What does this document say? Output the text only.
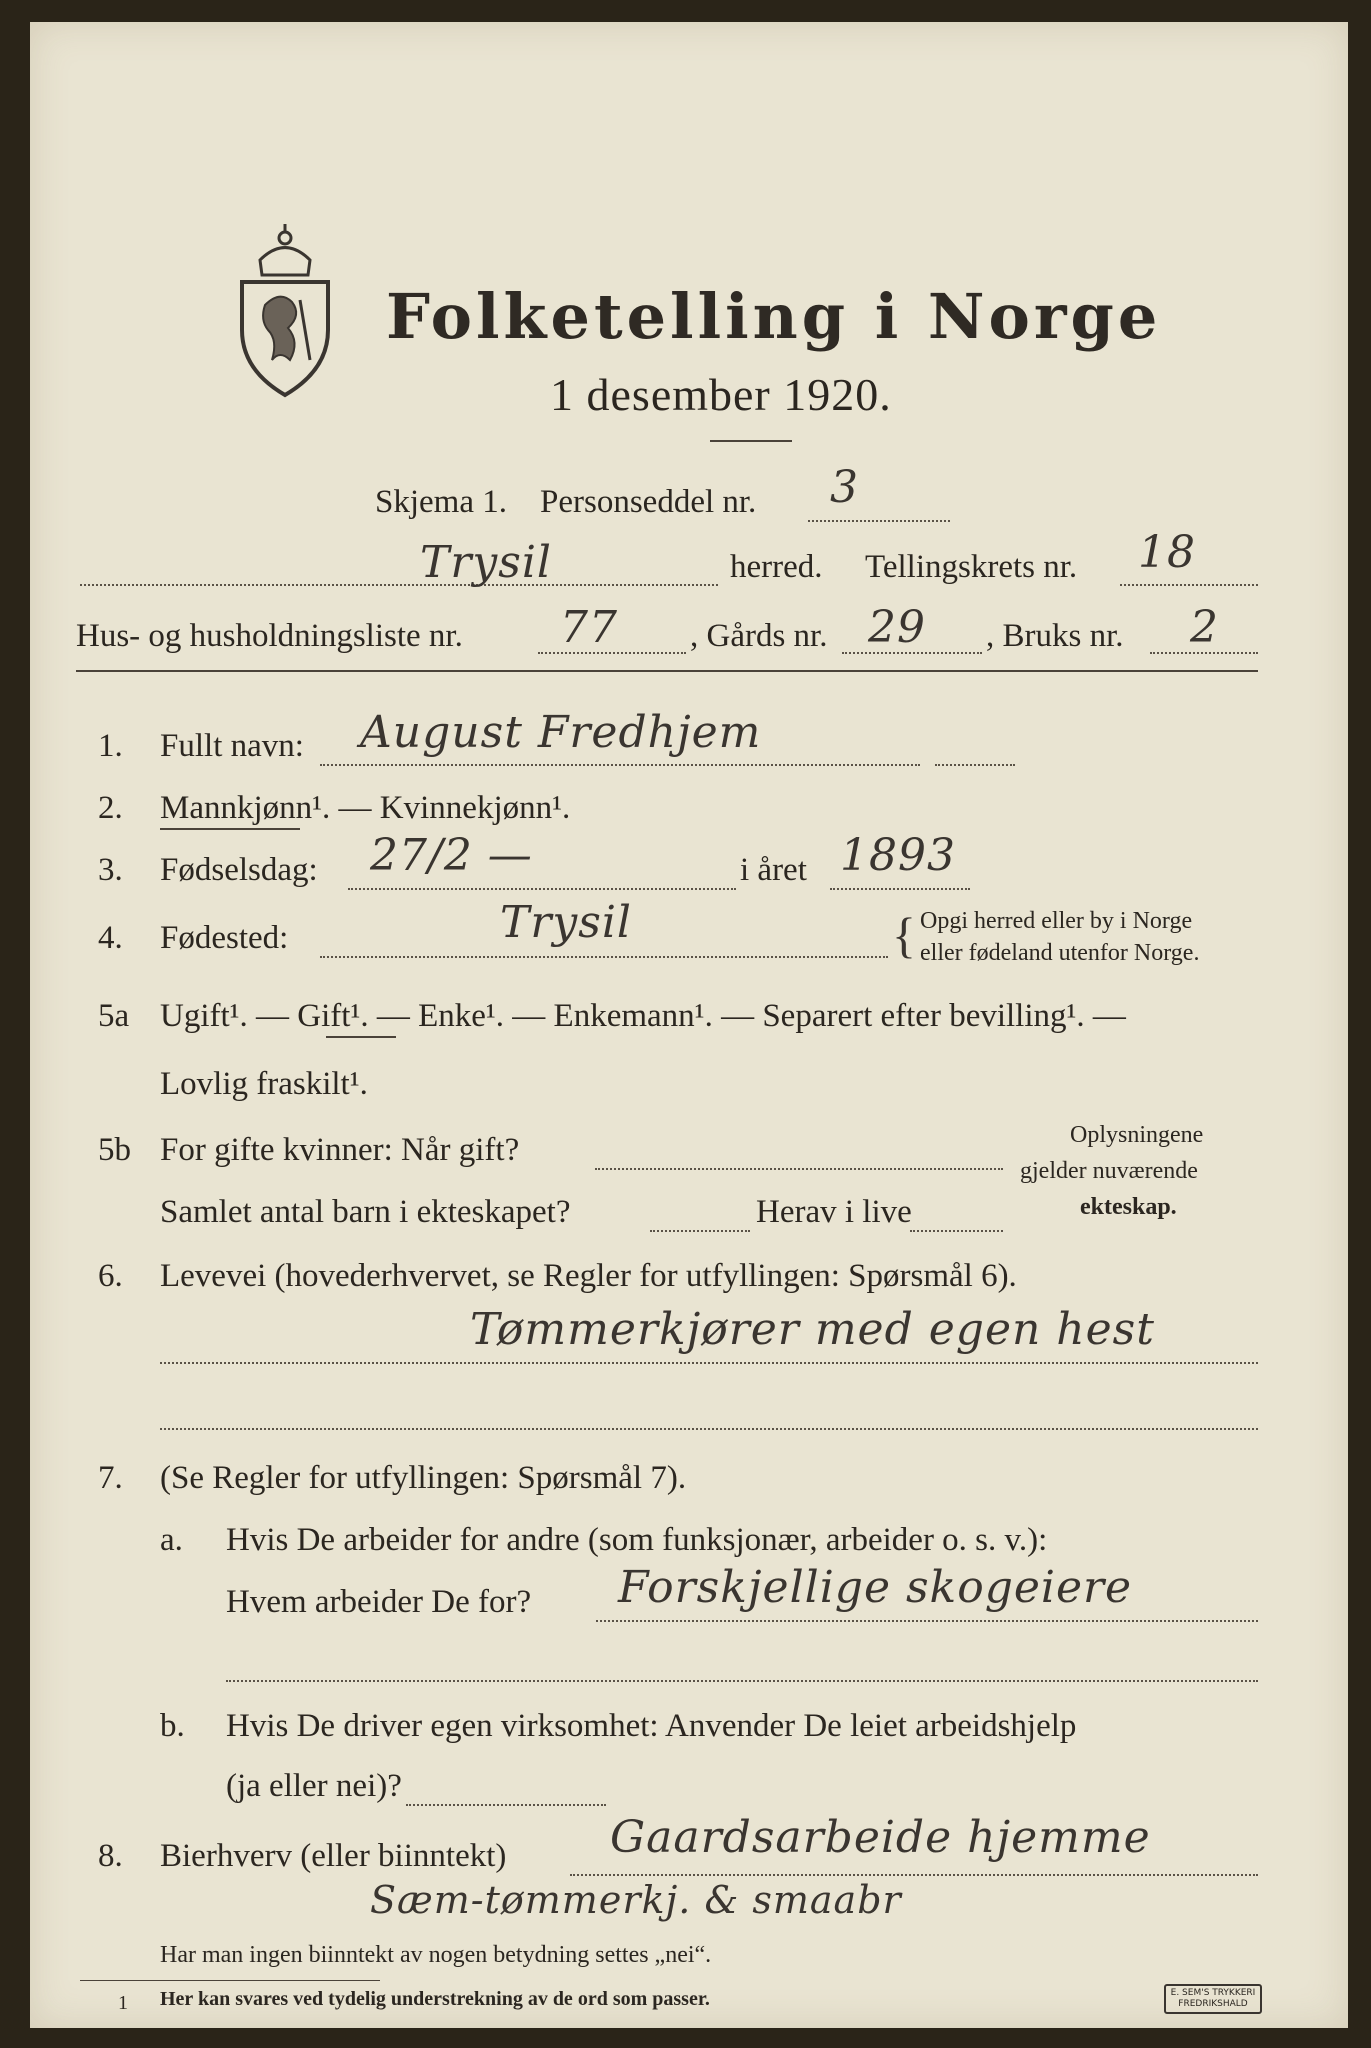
Folketelling i Norge
1 desember 1920.
Skjema 1. Personseddel nr. 3
Trysil	herred. Tellingskrets nr. 18
Hus- og husholdningsliste nr. 77 , Gårds nr. 29 , Bruks nr. 2
1. Fullt navn: August Fredhjem
2. Mannkjønn¹. — Kvinnekjønn¹.
3. Fødselsdag: 27/2 —	i året 1893
4. Fødested:	Trysil	{ Opgi herred eller by i Norge
eller fødeland utenfor Norge.
5a Ugift¹. — Gift¹. — Enke¹. — Enkemann¹. — Separert efter bevilling¹. —
Lovlig fraskilt¹.
5b For gifte kvinner: Når gift?
Samlet antal barn i ekteskapet?	Herav i live
Oplysningene
gjelder nuværende
ekteskap.
6. Levevei (hovederhvervet, se Regler for utfyllingen: Spørsmål 6).
Tømmerkjører med egen hest
7. (Se Regler for utfyllingen: Spørsmål 7).
a. Hvis De arbeider for andre (som funksjonær, arbeider o. s. v.):
Hvem arbeider De for? Forskjellige skogeiere
b. Hvis De driver egen virksomhet: Anvender De leiet arbeidshjelp
(ja eller nei)?
8. Bierhverv (eller biinntekt) Gaardsarbeide hjemme
Sæm-tømmerkj. & smaabr
Har man ingen biinntekt av nogen betydning settes „nei“.
1 Her kan svares ved tydelig understrekning av de ord som passer.	E. SEM'S TRYKKERI
FREDRIKSHALD
